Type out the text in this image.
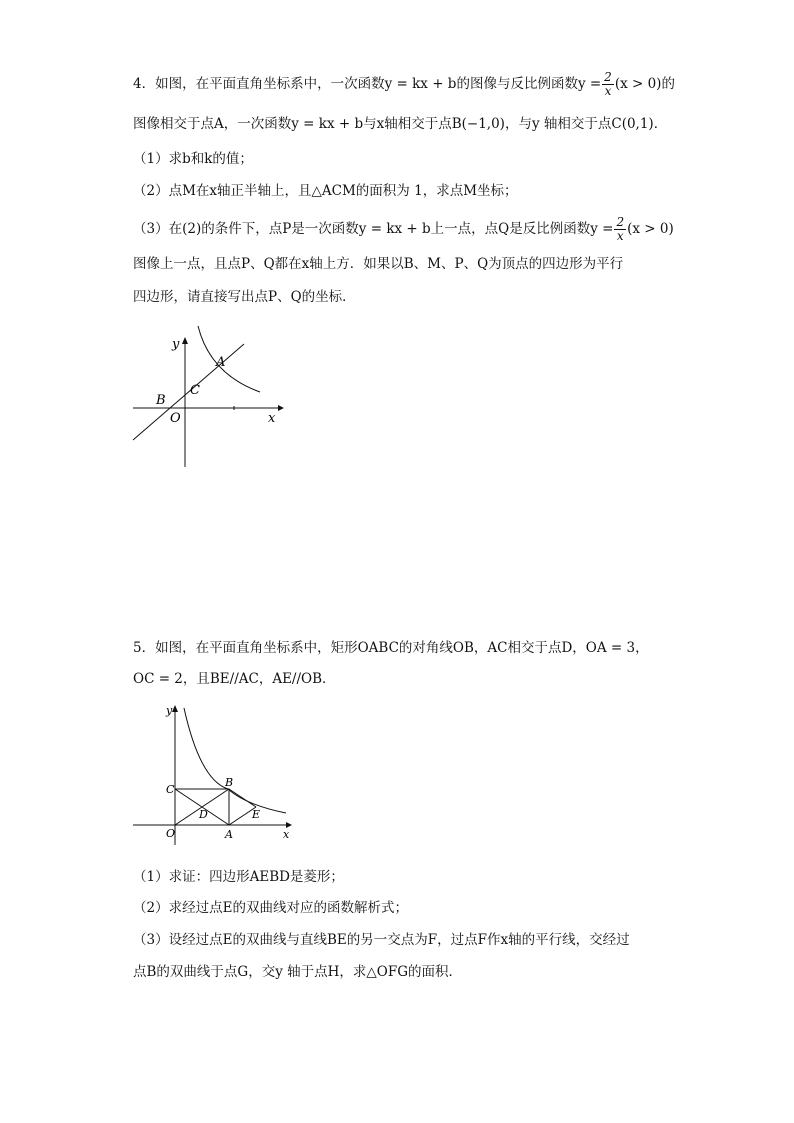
4．如图，在平面直角坐标系中，一次函数y = kx + b的图像与反比例函数$y = \frac{2}{x} (x > 0)$的
图像相交于点A，一次函数y = kx + b与x轴相交于点B(−1,0)，与y 轴相交于点C(0,1)．
（1）求b和k的值；
（2）点M在x轴正半轴上，且△ACM的面积为 1，求点M坐标；
（3）在(2)的条件下，点P是一次函数y = kx + b上一点，点Q是反比例函数$y = \frac{2}{x} (x > 0)$
图像上一点，且点P、Q都在x轴上方．如果以B、M、P、Q为顶点的四边形为平行
四边形，请直接写出点P、Q的坐标．
y
A
C
B
O	x
5．如图，在平面直角坐标系中，矩形OABC的对角线OB，AC相交于点D，OA = 3，
OC = 2，且BE//AC，AE//OB．
y
C
B
D	E
O	A	x
（1）求证：四边形AEBD是菱形；
（2）求经过点E的双曲线对应的函数解析式；
（3）设经过点E的双曲线与直线BE的另一交点为F，过点F作x轴的平行线，交经过
点B的双曲线于点G，交y 轴于点H，求△OFG的面积．
